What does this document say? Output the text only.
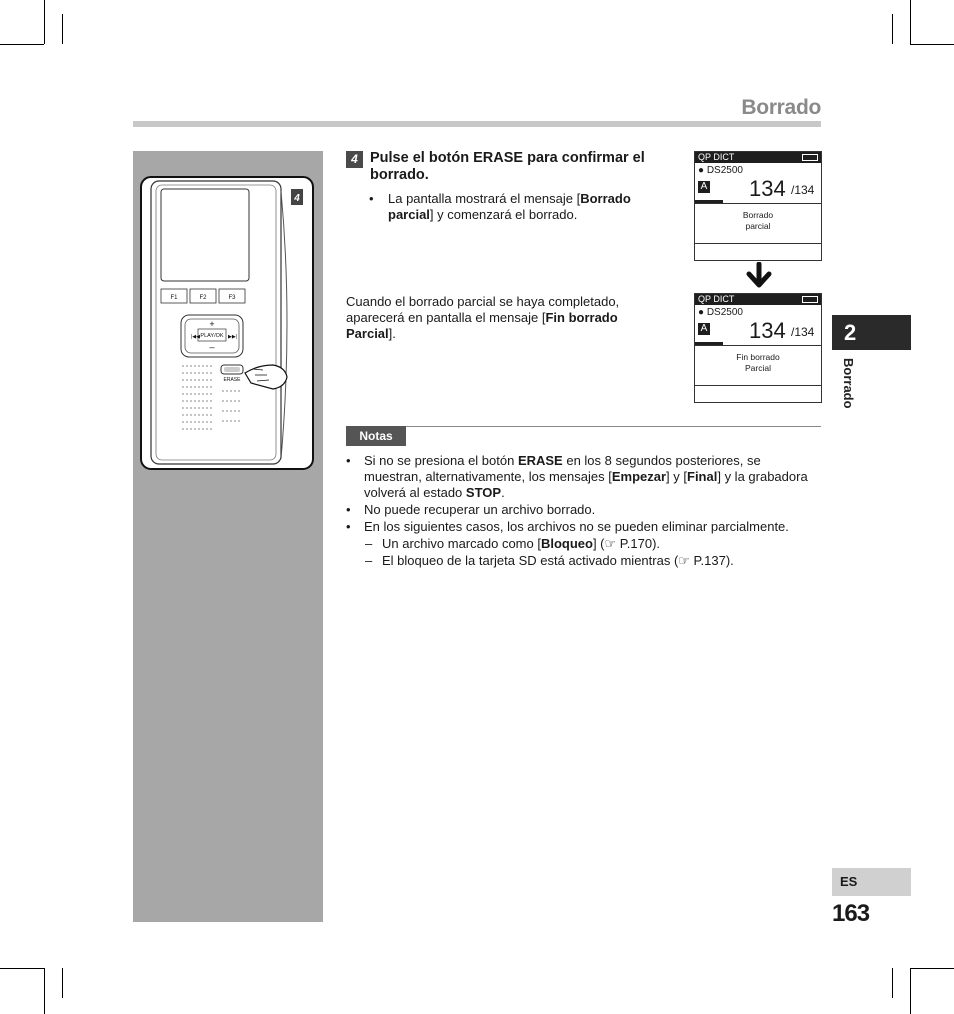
Borrado
F1	F2	F3
PLAY/OK
+
–
|◀◀	▶▶|
ERASE
4
4 Pulse el botón ERASE para confirmar el borrado.
• La pantalla mostrará el mensaje [Borrado parcial] y comenzará el borrado.
QP DICT
● DS2500
A 134 /134
Borrado
parcial
QP DICT
● DS2500
A 134 /134
Fin borrado
Parcial
Cuando el borrado parcial se haya completado, aparecerá en pantalla el mensaje [Fin borrado Parcial].
Notas
• Si no se presiona el botón ERASE en los 8 segundos posteriores, se muestran, alternativamente, los mensajes [Empezar] y [Final] y la grabadora volverá al estado STOP.
• No puede recuperar un archivo borrado.
• En los siguientes casos, los archivos no se pueden eliminar parcialmente.
– Un archivo marcado como [Bloqueo] (☞ P.170).
– El bloqueo de la tarjeta SD está activado mientras (☞ P.137).
2
Borrado
ES
163
